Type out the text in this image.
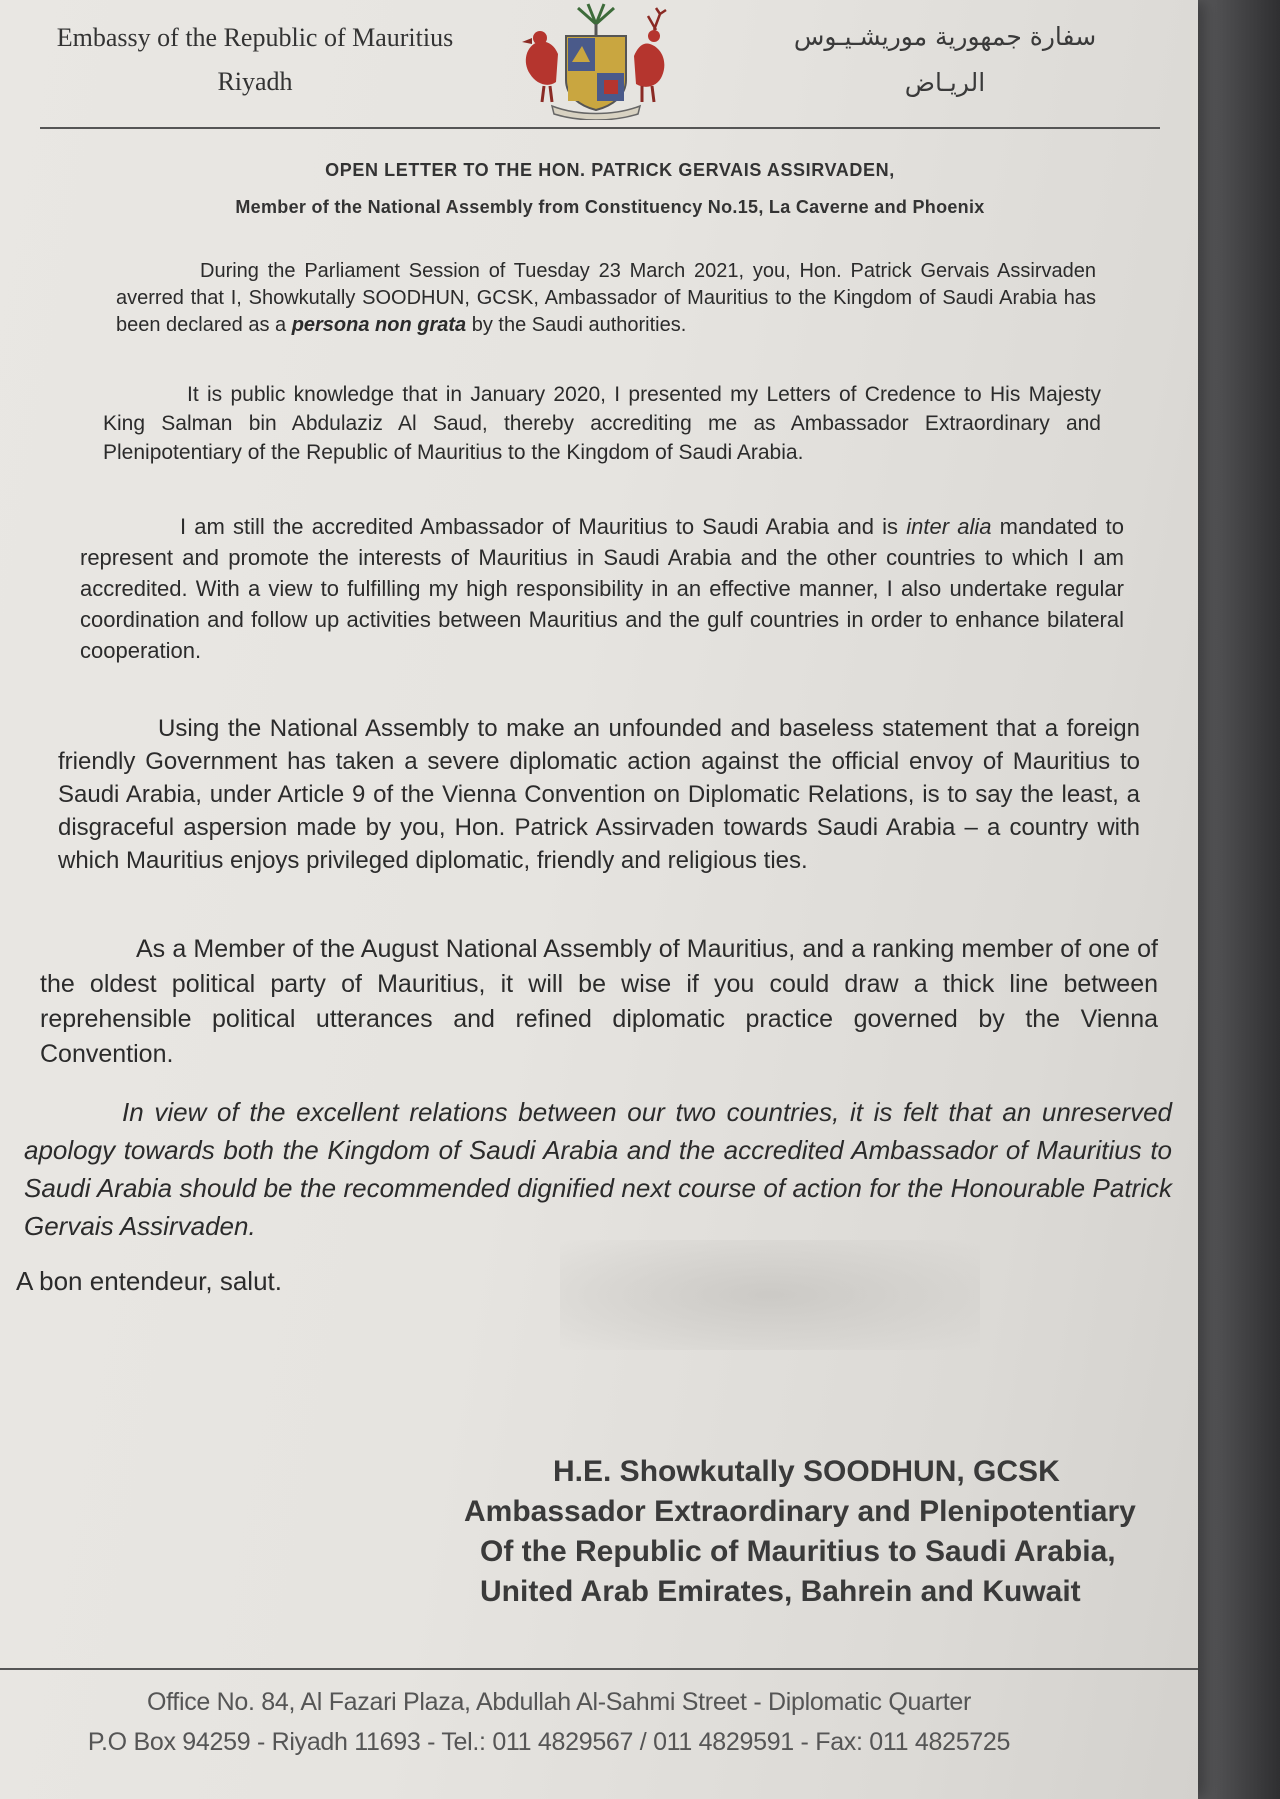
Embassy of the Republic of Mauritius
Riyadh
سفارة جمهورية موريشـيـوس
الريـاض
OPEN LETTER TO THE HON. PATRICK GERVAIS ASSIRVADEN,
Member of the National Assembly from Constituency No.15, La Caverne and Phoenix

During the Parliament Session of Tuesday 23 March 2021, you, Hon. Patrick Gervais Assirvaden averred that I, Showkutally SOODHUN, GCSK, Ambassador of Mauritius to the Kingdom of Saudi Arabia has been declared as a persona non grata by the Saudi authorities.

It is public knowledge that in January 2020, I presented my Letters of Credence to His Majesty King Salman bin Abdulaziz Al Saud, thereby accrediting me as Ambassador Extraordinary and Plenipotentiary of the Republic of Mauritius to the Kingdom of Saudi Arabia.

I am still the accredited Ambassador of Mauritius to Saudi Arabia and is inter alia mandated to represent and promote the interests of Mauritius in Saudi Arabia and the other countries to which I am accredited. With a view to fulfilling my high responsibility in an effective manner, I also undertake regular coordination and follow up activities between Mauritius and the gulf countries in order to enhance bilateral cooperation.

Using the National Assembly to make an unfounded and baseless statement that a foreign friendly Government has taken a severe diplomatic action against the official envoy of Mauritius to Saudi Arabia, under Article 9 of the Vienna Convention on Diplomatic Relations, is to say the least, a disgraceful aspersion made by you, Hon. Patrick Assirvaden towards Saudi Arabia – a country with which Mauritius enjoys privileged diplomatic, friendly and religious ties.

As a Member of the August National Assembly of Mauritius, and a ranking member of one of the oldest political party of Mauritius, it will be wise if you could draw a thick line between reprehensible political utterances and refined diplomatic practice governed by the Vienna Convention.

In view of the excellent relations between our two countries, it is felt that an unreserved apology towards both the Kingdom of Saudi Arabia and the accredited Ambassador of Mauritius to Saudi Arabia should be the recommended dignified next course of action for the Honourable Patrick Gervais Assirvaden.

A bon entendeur, salut.
H.E. Showkutally SOODHUN, GCSK
Ambassador Extraordinary and Plenipotentiary
Of the Republic of Mauritius to Saudi Arabia,
United Arab Emirates, Bahrein and Kuwait
Office No. 84, Al Fazari Plaza, Abdullah Al-Sahmi Street - Diplomatic Quarter
P.O Box 94259 - Riyadh 11693 - Tel.: 011 4829567 / 011 4829591 - Fax: 011 4825725
